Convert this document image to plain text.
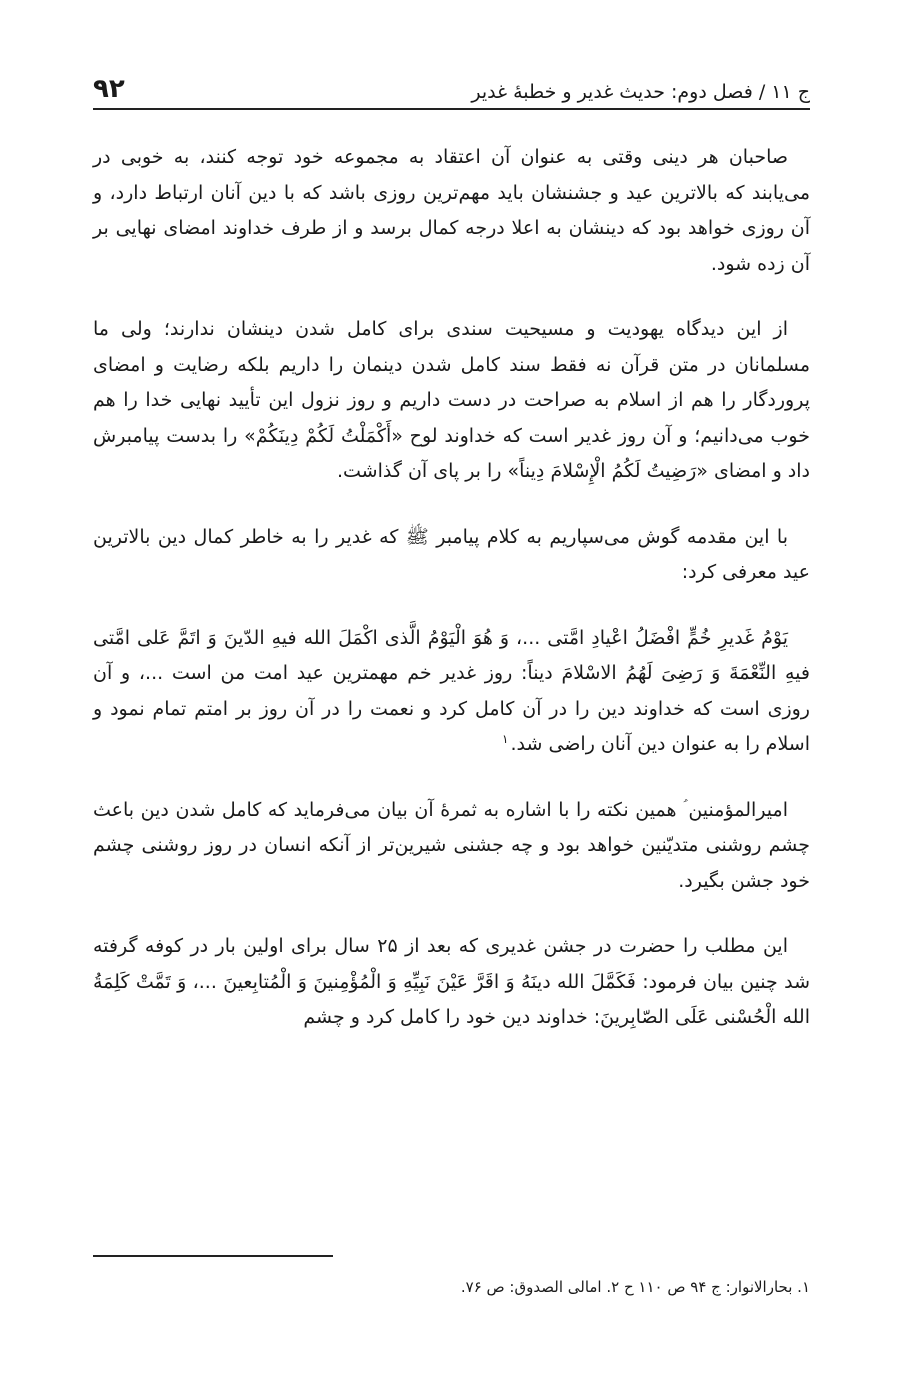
ج ۱۱ / فصل دوم: حدیث غدیر و خطبهٔ غدیر
۹۲

صاحبان هر دینی وقتی به عنوان آن اعتقاد به مجموعه خود توجه کنند، به خوبی در می‌یابند که بالاترین عید و جشنشان باید مهم‌ترین روزی باشد که با دین آنان ارتباط دارد، و آن روزی خواهد بود که دینشان به اعلا درجه کمال برسد و از طرف خداوند امضای نهایی بر آن زده شود.

از این دیدگاه یهودیت و مسیحیت سندی برای کامل شدن دینشان ندارند؛ ولی ما مسلمانان در متن قرآن نه فقط سند کامل شدن دینمان را داریم بلکه رضایت و امضای پروردگار را هم از اسلام به صراحت در دست داریم و روز نزول این تأیید نهایی خدا را هم خوب می‌دانیم؛ و آن روز غدیر است که خداوند لوح «أَكْمَلْتُ لَكُمْ دِينَكُمْ» را بدست پیامبرش داد و امضای «رَضِيتُ لَكُمُ الْإِسْلامَ دِيناً» را بر پای آن گذاشت.

با این مقدمه گوش می‌سپاریم به کلام پیامبر ﷺ که غدیر را به خاطر کمال دین بالاترین عید معرفی کرد:

يَوْمُ غَديرِ خُمٍّ افْضَلُ اعْيادِ امَّتى ...، وَ هُوَ الْيَوْمُ الَّذى اكْمَلَ الله فيهِ الدّينَ وَ اتَمَّ عَلى امَّتى فيهِ النِّعْمَةَ وَ رَضِىَ لَهُمُ الاسْلامَ ديناً: روز غدیر خم مهمترین عید امت من است ...، و آن روزی است که خداوند دین را در آن کامل کرد و نعمت را در آن روز بر امتم تمام نمود و اسلام را به عنوان دین آنان راضی شد.$^۱$

امیرالمؤمنین ؑ همین نکته را با اشاره به ثمرهٔ آن بیان می‌فرماید که کامل شدن دین باعث چشم روشنی متدیّنین خواهد بود و چه جشنی شیرین‌تر از آنکه انسان در روز روشنی چشم خود جشن بگیرد.

این مطلب را حضرت در جشن غدیری که بعد از ۲۵ سال برای اولین بار در کوفه گرفته شد چنین بیان فرمود: فَكَمَّلَ الله دينَهُ وَ اقَرَّ عَيْنَ نَبِيِّهِ وَ الْمُؤْمِنينَ وَ الْمُتابِعينَ ...، وَ تَمَّتْ كَلِمَةُ الله الْحُسْنى عَلَى الصّابِرينَ: خداوند دین خود را کامل کرد و چشم

۱. بحارالانوار: ج ۹۴ ص ۱۱۰ ح ۲. امالی الصدوق: ص ۷۶.
